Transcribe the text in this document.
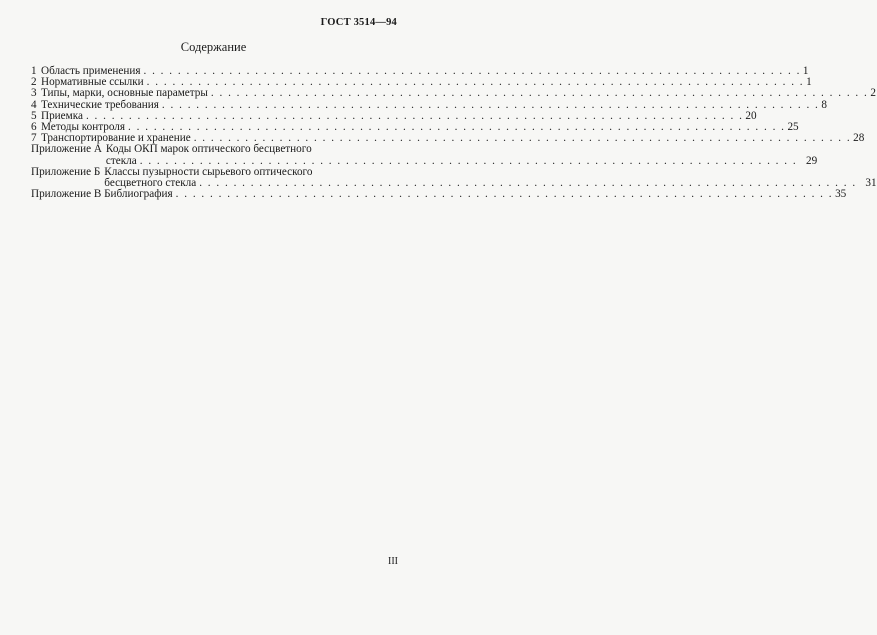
ГОСТ 3514—94
Содержание
1 Область применения . . .	1
2 Нормативные ссылки . . .	1
3 Типы, марки, основные параметры . . .	2
4 Технические требования . . .	8
5 Приемка . . .	20
6 Методы контроля . . .	25
7 Транспортирование и хранение . . .	28
Приложение А Коды ОКП марок оптического бесцветного
стекла . . .	29
Приложение Б Классы пузырности сырьевого оптического
бесцветного стекла . . .	31
Приложение В Библиография . . .	35
III
